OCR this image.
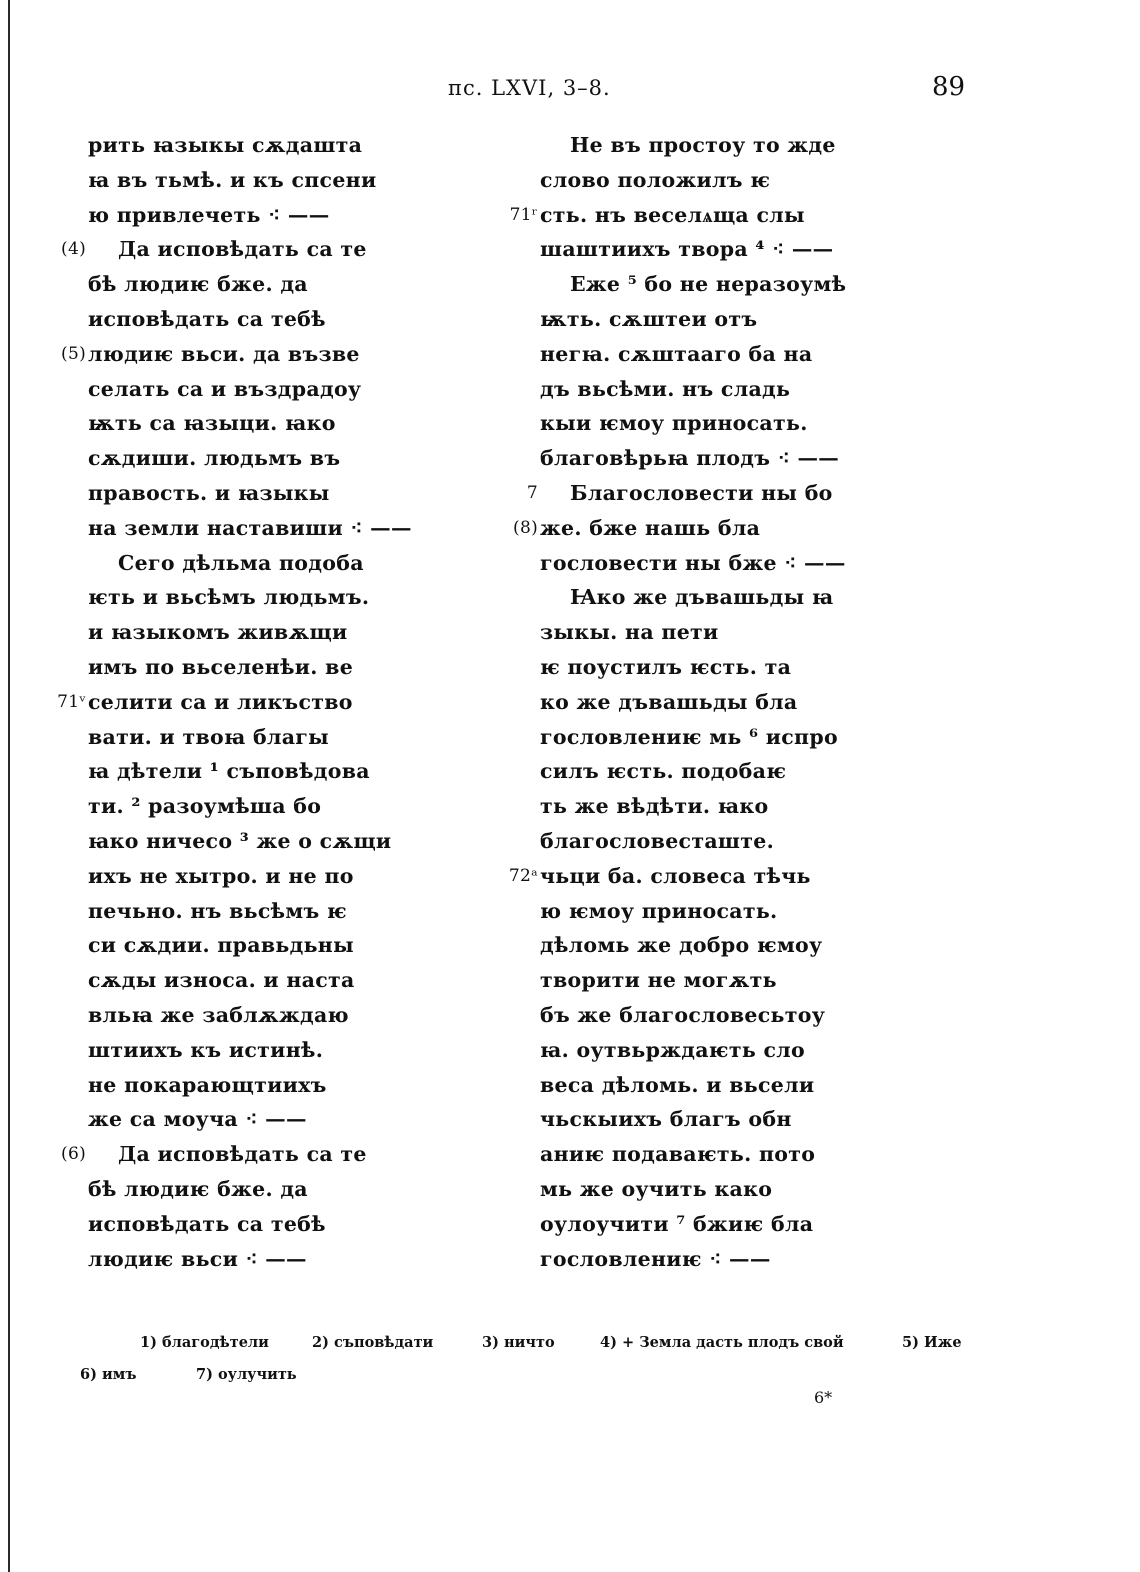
пс. LXVI, 3–8.	89
рить ꙗзыкы сѫдашта
ꙗ въ тьмѣ. и къ спсени
ю привлечеть ⁖ ——
(4) Да исповѣдать са те
бѣ людиѥ бже. да
исповѣдать са тебѣ
(5) людиѥ вьси. да възве
селать са и въздрадоу
ѭть са ꙗзыци. ꙗко
сѫдиши. людьмъ въ
правость. и ꙗзыкы
на земли наставиши ⁖ ——
Сего дѣльма подоба
ѥть и вьсѣмъ людьмъ.
и ꙗзыкомъ живѫщи
имъ по вьселенѣи. ве
71ᵛ селити са и ликъство
вати. и твоꙗ благы
ꙗ дѣтели ¹ съповѣдова
ти. ² разоумѣша бо
ꙗко ничесо ³ же о сѫщи
ихъ не хытро. и не по
печьно. нъ вьсѣмъ ѥ
си сѫдии. правьдьны
сѫды износа. и наста
вльꙗ же заблѫждаю
штиихъ къ истинѣ.
не покарающтиихъ
же са моуча ⁖ ——
(6) Да исповѣдать са те
бѣ людиѥ бже. да
исповѣдать са тебѣ
людиѥ вьси ⁖ ——
Не въ простоу то жде
слово положилъ ѥ
71ʳ сть. нъ веселѧща слы
шаштиихъ твора ⁴ ⁖ ——
Еже ⁵ бо не неразоумѣ
ѭть. сѫштеи отъ
негꙗ. сѫштааго ба на
дъ вьсѣми. нъ сладь
кыи ѥмоу приносать.
благовѣрьꙗ плодъ ⁖ ——
7 Благословести ны бо
(8) же. бже нашь бла
гословести ны бже ⁖ ——
Ꙗко же дъвашьды ꙗ
зыкы. на пети
ѥ поустилъ ѥсть. та
ко же дъвашьды бла
гословлениѥ мь ⁶ испро
силъ ѥсть. подобаѥ
ть же вѣдѣти. ꙗко
благословесташте.
72ᵃ чьци ба. словеса тѣчь
ю ѥмоу приносать.
дѣломь же добро ѥмоу
творити не могѫть
бъ же благословесьтоу
ꙗ. оутвьрждаѥть сло
веса дѣломь. и вьсели
чьскыихъ благъ обн
аниѥ подаваѥть. пото
мь же оучить како
оулоучити ⁷ бжиѥ бла
гословлениѥ ⁖ ——
1) благодѣтели	2) съповѣдати	3) ничто	4) + Земла дасть плодъ свой	5) Иже
6) имъ	7) оулучить
6*
